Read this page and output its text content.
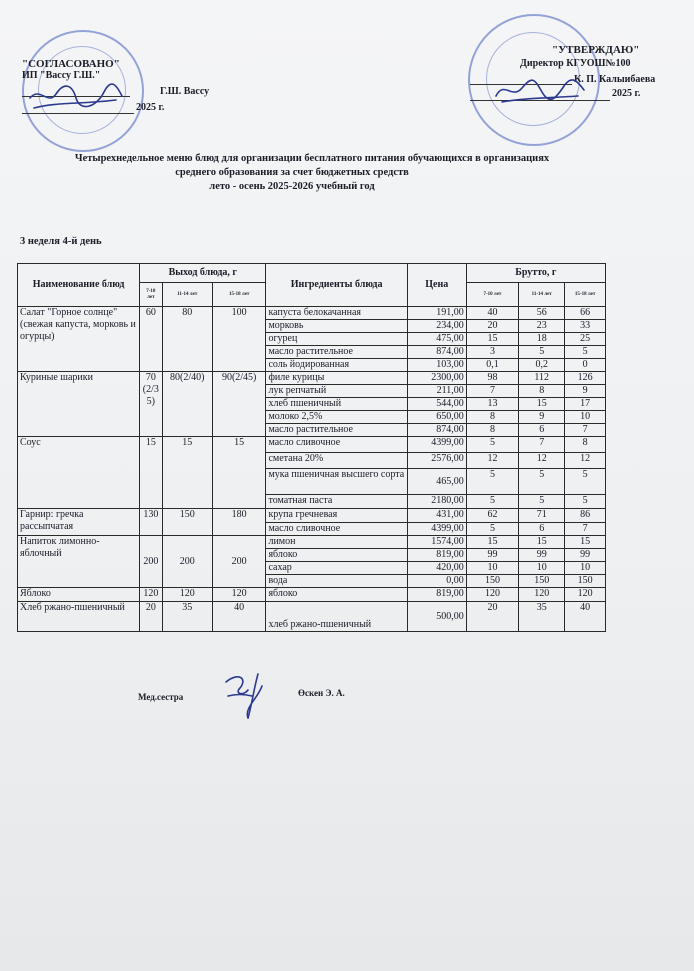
"СОГЛАСОВАНО"
ИП "Вассу Г.Ш."
Г.Ш. Вассу
2025 г.
"УТВЕРЖДАЮ"
Директор КГУОШ№100
К. П. Калыибаева
2025 г.
Четырехнедельное меню блюд для организации бесплатного питания обучающихся в организациях
среднего образования за счет бюджетных средств
лето - осень 2025-2026 учебный год
3 неделя 4-й день
Наименование блюд	Выход блюда, г			Ингредиенты блюда	Цена	Брутто, г		
	7-10 лет	11-14 лет	15-18 лет			7-10 лет	11-14 лет	15-18 лет
Салат "Горное солнце" (свежая капуста, морковь и огурцы)	60	80	100	капуста белокачанная	191,00	40	56	66
				морковь	234,00	20	23	33
				огурец	475,00	15	18	25
				масло растительное	874,00	3	5	5
				соль йодированная	103,00	0,1	0,2	0
Куриные шарики	70(2/35)	80(2/40)	90(2/45)	филе курицы	2300,00	98	112	126
				лук репчатый	211,00	7	8	9
				хлеб пшеничный	544,00	13	15	17
				молоко 2,5%	650,00	8	9	10
				масло растительное	874,00	8	6	7
Соус	15	15	15	масло сливочное	4399,00	5	7	8
				сметана 20%	2576,00	12	12	12
				мука пшеничная высшего сорта	465,00	5	5	5
				томатная паста	2180,00	5	5	5
Гарнир: гречка рассыпчатая	130	150	180	крупа гречневая	431,00	62	71	86
				масло сливочное	4399,00	5	6	7
Напиток лимонно-яблочный	200	200	200	лимон	1574,00	15	15	15
				яблоко	819,00	99	99	99
				сахар	420,00	10	10	10
				вода	0,00	150	150	150
Яблоко	120	120	120	яблоко	819,00	120	120	120
Хлеб ржано-пшеничный	20	35	40	хлеб ржано-пшеничный	500,00	20	35	40
Мед.сестра	Өскен Э. А.
